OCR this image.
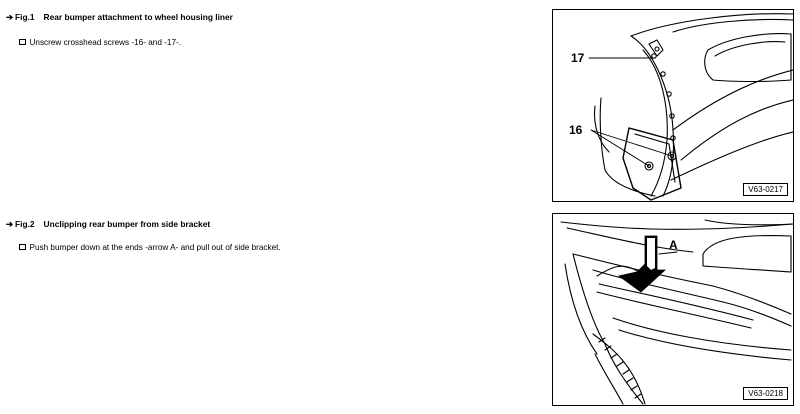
➔ Fig.1 Rear bumper attachment to wheel housing liner
Unscrew crosshead screws -16- and -17-.
➔ Fig.2 Unclipping rear bumper from side bracket
Push bumper down at the ends -arrow A- and pull out of side bracket.
17
16
V63-0217
A
V63-0218
